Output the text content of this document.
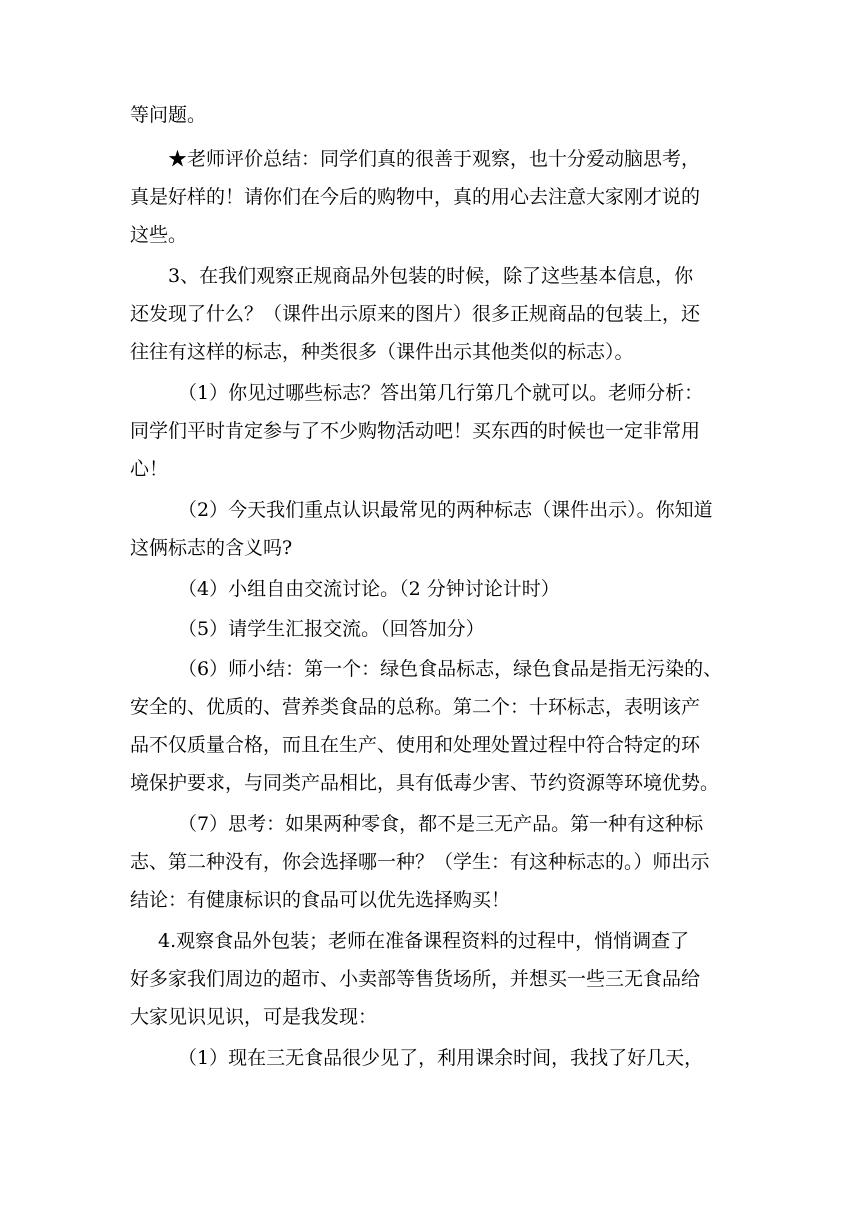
等问题。
★老师评价总结：同学们真的很善于观察，也十分爱动脑思考，
真是好样的！请你们在今后的购物中，真的用心去注意大家刚才说的
这些。
3、在我们观察正规商品外包装的时候，除了这些基本信息，你
还发现了什么？（课件出示原来的图片）很多正规商品的包装上，还
往往有这样的标志，种类很多（课件出示其他类似的标志）。
（1）你见过哪些标志？答出第几行第几个就可以。老师分析：
同学们平时肯定参与了不少购物活动吧！买东西的时候也一定非常用
心！
（2）今天我们重点认识最常见的两种标志（课件出示）。你知道
这俩标志的含义吗?
（4）小组自由交流讨论。（2 分钟讨论计时）
（5）请学生汇报交流。（回答加分）
（6）师小结：第一个：绿色食品标志，绿色食品是指无污染的、
安全的、优质的、营养类食品的总称。第二个：十环标志，表明该产
品不仅质量合格，而且在生产、使用和处理处置过程中符合特定的环
境保护要求，与同类产品相比，具有低毒少害、节约资源等环境优势。
（7）思考：如果两种零食，都不是三无产品。第一种有这种标
志、第二种没有，你会选择哪一种？（学生：有这种标志的。）师出示
结论：有健康标识的食品可以优先选择购买！
4.观察食品外包装；老师在准备课程资料的过程中，悄悄调查了
好多家我们周边的超市、小卖部等售货场所，并想买一些三无食品给
大家见识见识，可是我发现：
（1）现在三无食品很少见了，利用课余时间，我找了好几天，
